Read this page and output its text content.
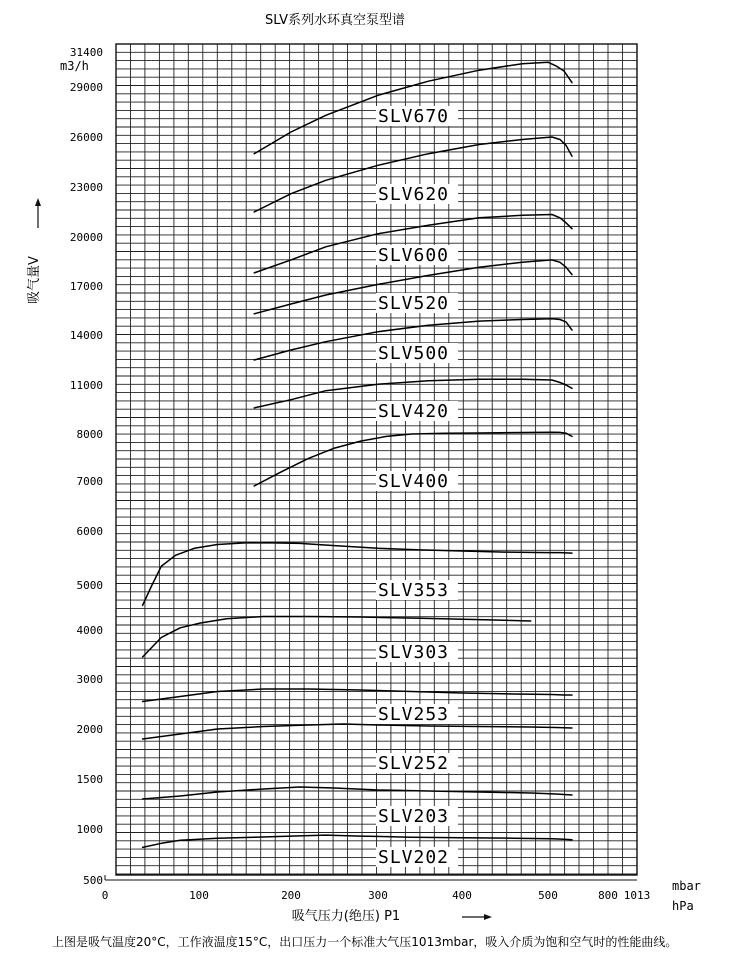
SLV系列水环真空泵型谱
31400
29000
26000
23000
20000
17000
14000
11000
8000
7000
6000
5000
4000
3000
2000
1500
1000
500
0	100	200	300	400	500	800 1013
SLV670
SLV620
SLV600
SLV520
SLV500
SLV420
SLV400
SLV353
SLV303
SLV253
SLV252
SLV203
SLV202
m3/h
吸气量V
吸气压力(绝压) P1
mbar
hPa
上图是吸气温度20°C，工作液温度15°C，出口压力一个标准大气压1013mbar，吸入介质为饱和空气时的性能曲线。
